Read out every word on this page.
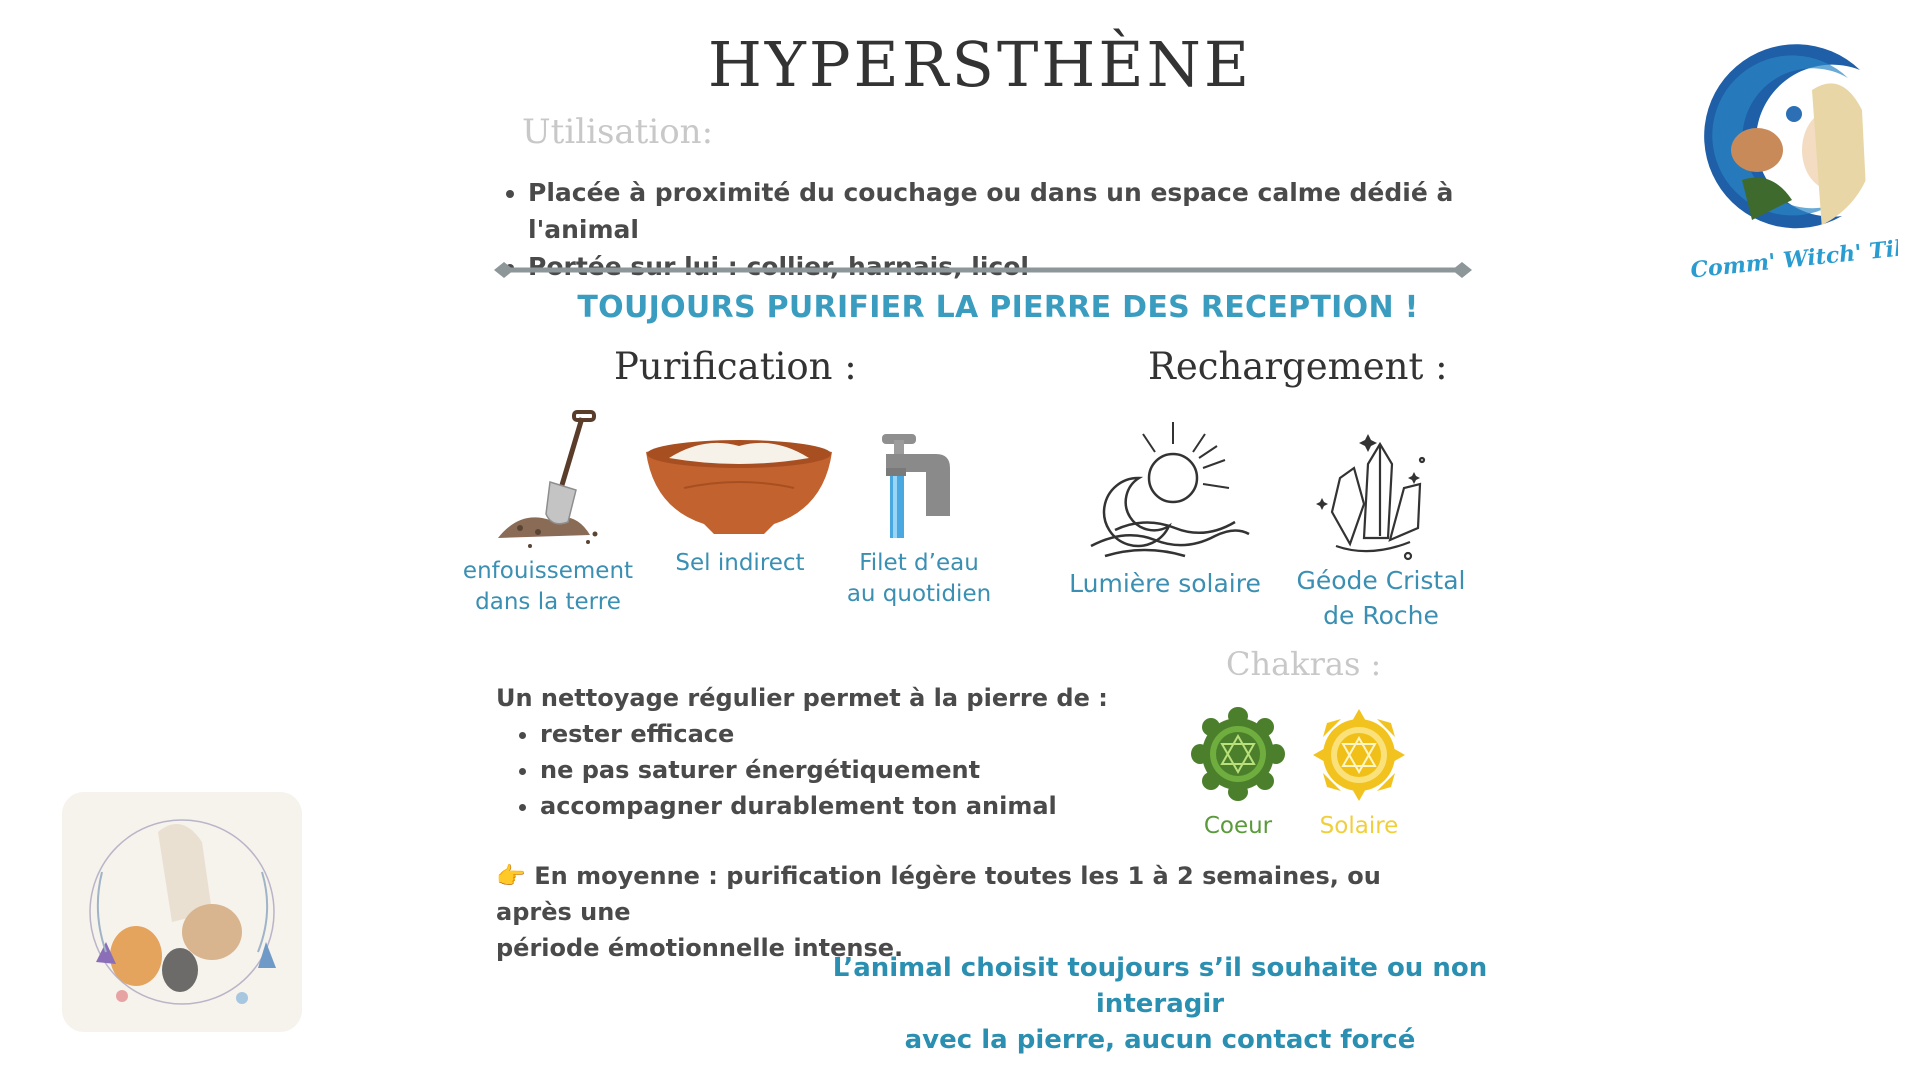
HYPERSTHÈNE
Utilisation:
• Placée à proximité du couchage ou dans un espace calme dédié à l'animal
• Portée sur lui : collier, harnais, licol
TOUJOURS PURIFIER LA PIERRE DES RECEPTION !
Purification :
enfouissement
dans la terre
Sel indirect	Filet d’eau
au quotidien
Rechargement :
Lumière solaire	Géode Cristal
de Roche
Chakras :
Coeur	Solaire
Un nettoyage régulier permet à la pierre de :
• rester efficace
• ne pas saturer énergétiquement
• accompagner durablement ton animal
👉 En moyenne : purification légère toutes les 1 à 2 semaines, ou après une
période émotionnelle intense.
L’animal choisit toujours s’il souhaite ou non interagir
avec la pierre, aucun contact forcé
Comm' Witch' Tili
